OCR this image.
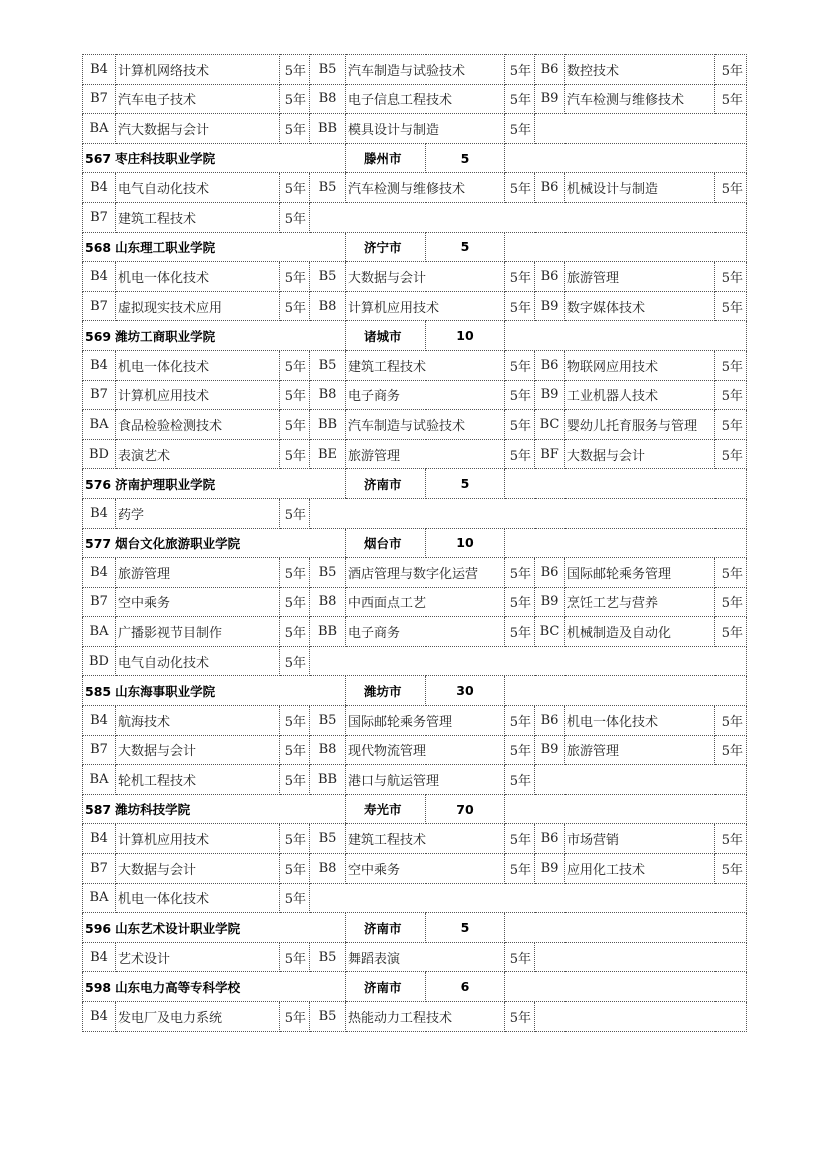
B4	计算机网络技术	5年	B5	汽车制造与试验技术		5年	B6	数控技术	5年
B7	汽车电子技术	5年	B8	电子信息工程技术		5年	B9	汽车检测与维修技术	5年
BA	汽大数据与会计	5年	BB	模具设计与制造		5年			
567 枣庄科技职业学院				滕州市	5				
B4	电气自动化技术	5年	B5	汽车检测与维修技术		5年	B6	机械设计与制造	5年
B7	建筑工程技术	5年							
568 山东理工职业学院				济宁市	5				
B4	机电一体化技术	5年	B5	大数据与会计		5年	B6	旅游管理	5年
B7	虚拟现实技术应用	5年	B8	计算机应用技术		5年	B9	数字媒体技术	5年
569 潍坊工商职业学院				诸城市	10				
B4	机电一体化技术	5年	B5	建筑工程技术		5年	B6	物联网应用技术	5年
B7	计算机应用技术	5年	B8	电子商务		5年	B9	工业机器人技术	5年
BA	食品检验检测技术	5年	BB	汽车制造与试验技术		5年	BC	婴幼儿托育服务与管理	5年
BD	表演艺术	5年	BE	旅游管理		5年	BF	大数据与会计	5年
576 济南护理职业学院				济南市	5				
B4	药学	5年							
577 烟台文化旅游职业学院				烟台市	10				
B4	旅游管理	5年	B5	酒店管理与数字化运营		5年	B6	国际邮轮乘务管理	5年
B7	空中乘务	5年	B8	中西面点工艺		5年	B9	烹饪工艺与营养	5年
BA	广播影视节目制作	5年	BB	电子商务		5年	BC	机械制造及自动化	5年
BD	电气自动化技术	5年							
585 山东海事职业学院				潍坊市	30				
B4	航海技术	5年	B5	国际邮轮乘务管理		5年	B6	机电一体化技术	5年
B7	大数据与会计	5年	B8	现代物流管理		5年	B9	旅游管理	5年
BA	轮机工程技术	5年	BB	港口与航运管理		5年			
587 潍坊科技学院				寿光市	70				
B4	计算机应用技术	5年	B5	建筑工程技术		5年	B6	市场营销	5年
B7	大数据与会计	5年	B8	空中乘务		5年	B9	应用化工技术	5年
BA	机电一体化技术	5年							
596 山东艺术设计职业学院				济南市	5				
B4	艺术设计	5年	B5	舞蹈表演		5年			
598 山东电力高等专科学校				济南市	6				
B4	发电厂及电力系统	5年	B5	热能动力工程技术		5年			
